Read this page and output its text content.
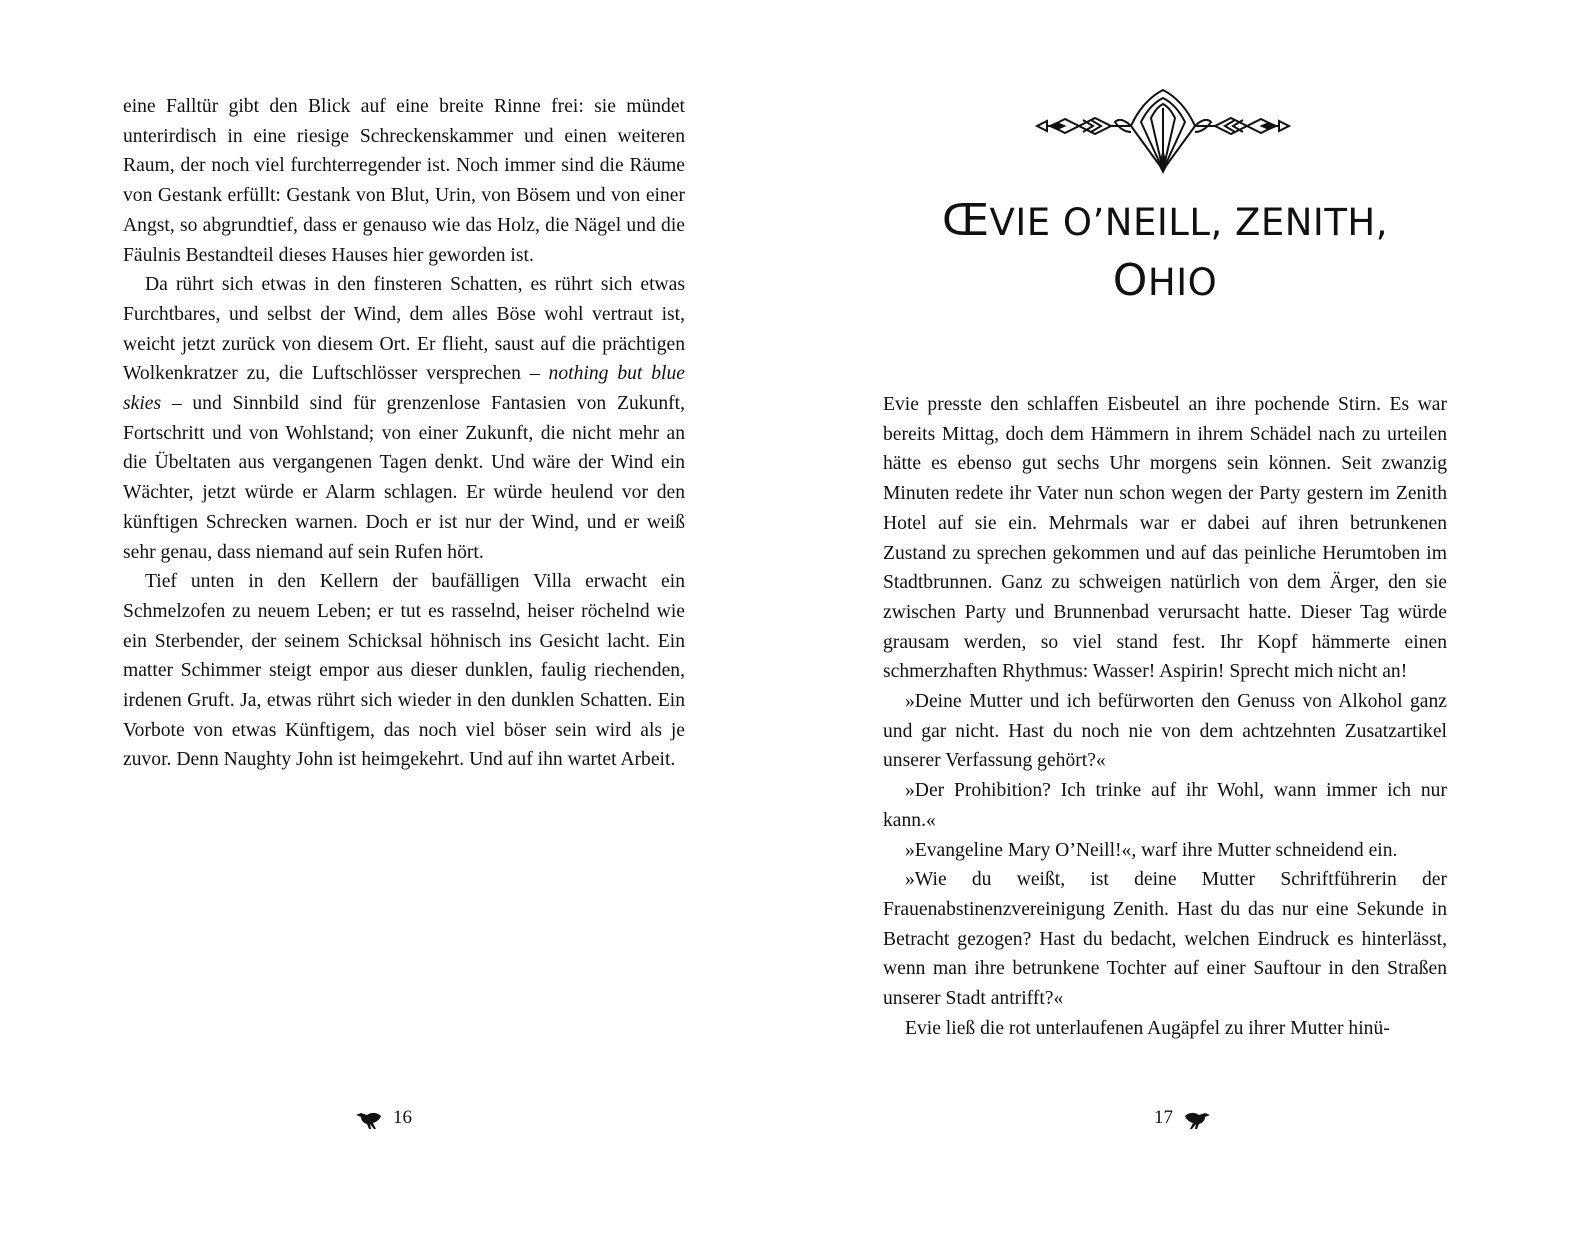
eine Falltür gibt den Blick auf eine breite Rinne frei: sie mündet unterirdisch in eine riesige Schreckenskammer und einen weiteren Raum, der noch viel furchterregender ist. Noch immer sind die Räume von Gestank erfüllt: Gestank von Blut, Urin, von Bösem und von einer Angst, so abgrundtief, dass er genauso wie das Holz, die Nägel und die Fäulnis Bestandteil dieses Hauses hier geworden ist.

Da rührt sich etwas in den finsteren Schatten, es rührt sich etwas Furchtbares, und selbst der Wind, dem alles Böse wohl vertraut ist, weicht jetzt zurück von diesem Ort. Er flieht, saust auf die prächtigen Wolkenkratzer zu, die Luftschlösser versprechen – nothing but blue skies – und Sinnbild sind für grenzenlose Fantasien von Zukunft, Fortschritt und von Wohlstand; von einer Zukunft, die nicht mehr an die Übeltaten aus vergangenen Tagen denkt. Und wäre der Wind ein Wächter, jetzt würde er Alarm schlagen. Er würde heulend vor den künftigen Schrecken warnen. Doch er ist nur der Wind, und er weiß sehr genau, dass niemand auf sein Rufen hört.

Tief unten in den Kellern der baufälligen Villa erwacht ein Schmelzofen zu neuem Leben; er tut es rasselnd, heiser röchelnd wie ein Sterbender, der seinem Schicksal höhnisch ins Gesicht lacht. Ein matter Schimmer steigt empor aus dieser dunklen, faulig riechenden, irdenen Gruft. Ja, etwas rührt sich wieder in den dunklen Schatten. Ein Vorbote von etwas Künftigem, das noch viel böser sein wird als je zuvor. Denn Naughty John ist heimgekehrt. Und auf ihn wartet Arbeit.

16
ŒVIE O’NEILL, ZENITH,
OHIO

Evie presste den schlaffen Eisbeutel an ihre pochende Stirn. Es war bereits Mittag, doch dem Hämmern in ihrem Schädel nach zu urteilen hätte es ebenso gut sechs Uhr morgens sein können. Seit zwanzig Minuten redete ihr Vater nun schon wegen der Party gestern im Zenith Hotel auf sie ein. Mehrmals war er dabei auf ihren betrunkenen Zustand zu sprechen gekommen und auf das peinliche Herumtoben im Stadtbrunnen. Ganz zu schweigen natürlich von dem Ärger, den sie zwischen Party und Brunnenbad verursacht hatte. Dieser Tag würde grausam werden, so viel stand fest. Ihr Kopf hämmerte einen schmerzhaften Rhythmus: Wasser! Aspirin! Sprecht mich nicht an!

»Deine Mutter und ich befürworten den Genuss von Alkohol ganz und gar nicht. Hast du noch nie von dem achtzehnten Zusatzartikel unserer Verfassung gehört?«

»Der Prohibition? Ich trinke auf ihr Wohl, wann immer ich nur kann.«

»Evangeline Mary O’Neill!«, warf ihre Mutter schneidend ein.

»Wie du weißt, ist deine Mutter Schriftführerin der Frauenabstinenzvereinigung Zenith. Hast du das nur eine Sekunde in Betracht gezogen? Hast du bedacht, welchen Eindruck es hinterlässt, wenn man ihre betrunkene Tochter auf einer Sauftour in den Straßen unserer Stadt antrifft?«

Evie ließ die rot unterlaufenen Augäpfel zu ihrer Mutter hinü-

17
